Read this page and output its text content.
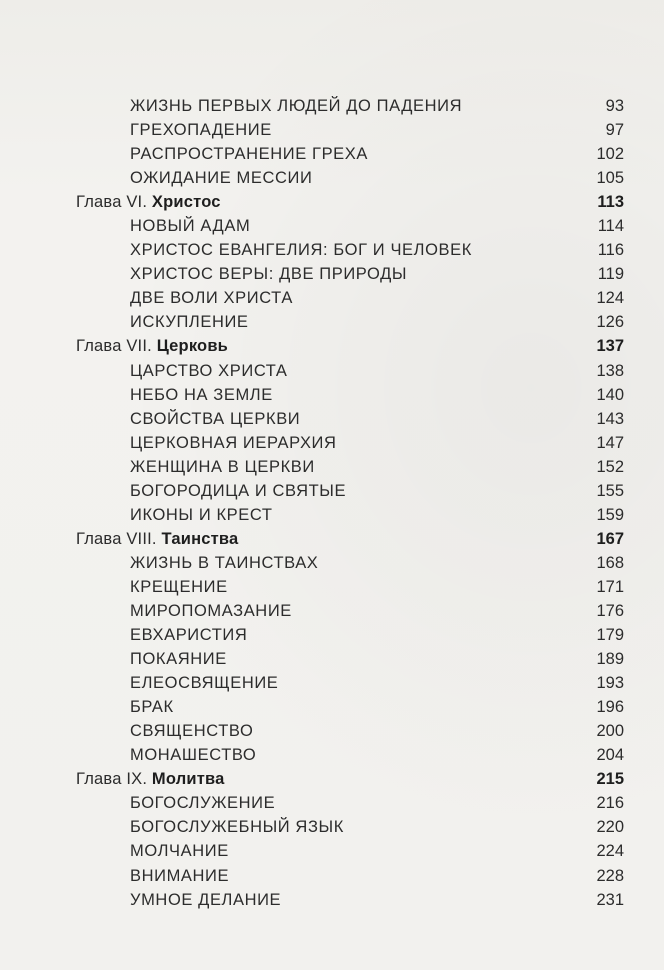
ЖИЗНЬ ПЕРВЫХ ЛЮДЕЙ ДО ПАДЕНИЯ	93
ГРЕХОПАДЕНИЕ	97
РАСПРОСТРАНЕНИЕ ГРЕХА	102
ОЖИДАНИЕ МЕССИИ	105
Глава VI. Христос	113
НОВЫЙ АДАМ	114
ХРИСТОС ЕВАНГЕЛИЯ: БОГ И ЧЕЛОВЕК	116
ХРИСТОС ВЕРЫ: ДВЕ ПРИРОДЫ	119
ДВЕ ВОЛИ ХРИСТА	124
ИСКУПЛЕНИЕ	126
Глава VII. Церковь	137
ЦАРСТВО ХРИСТА	138
НЕБО НА ЗЕМЛЕ	140
СВОЙСТВА ЦЕРКВИ	143
ЦЕРКОВНАЯ ИЕРАРХИЯ	147
ЖЕНЩИНА В ЦЕРКВИ	152
БОГОРОДИЦА И СВЯТЫЕ	155
ИКОНЫ И КРЕСТ	159
Глава VIII. Таинства	167
ЖИЗНЬ В ТАИНСТВАХ	168
КРЕЩЕНИЕ	171
МИРОПОМАЗАНИЕ	176
ЕВХАРИСТИЯ	179
ПОКАЯНИЕ	189
ЕЛЕОСВЯЩЕНИЕ	193
БРАК	196
СВЯЩЕНСТВО	200
МОНАШЕСТВО	204
Глава IX. Молитва	215
БОГОСЛУЖЕНИЕ	216
БОГОСЛУЖЕБНЫЙ ЯЗЫК	220
МОЛЧАНИЕ	224
ВНИМАНИЕ	228
УМНОЕ ДЕЛАНИЕ	231
